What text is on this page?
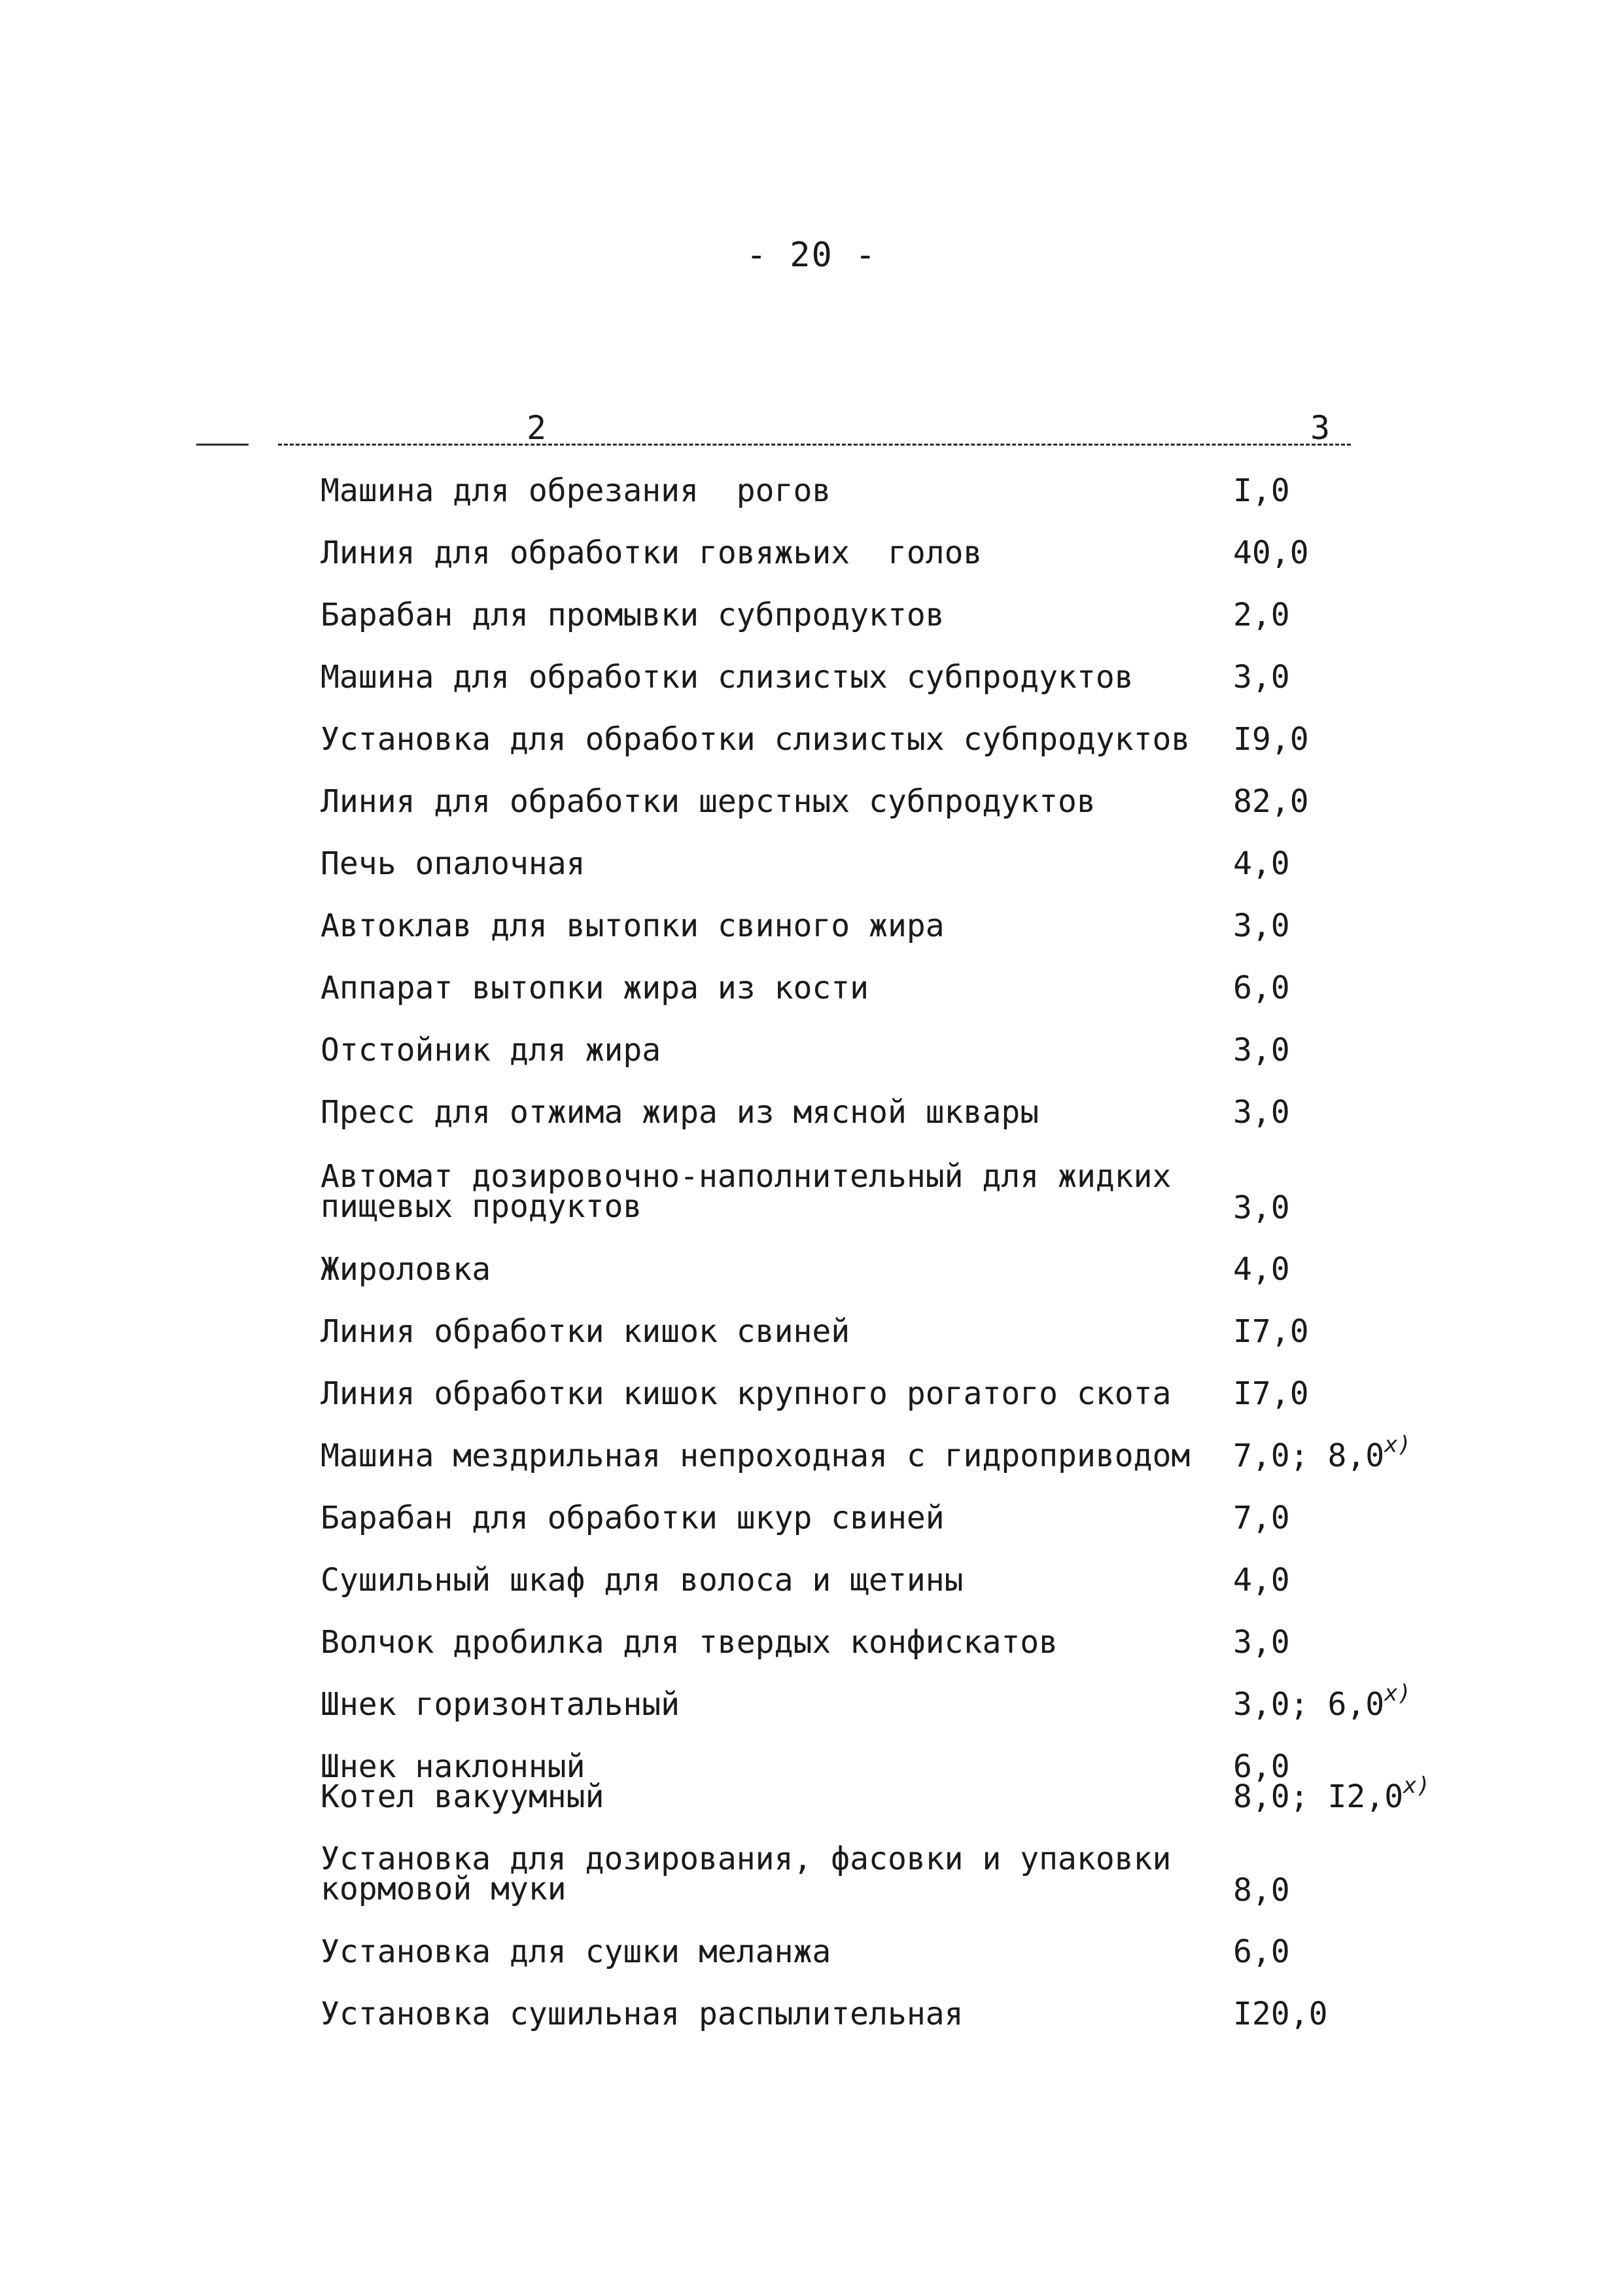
- 20 -
2	3
Машина для обрезания  рогов	I,0
Линия для обработки говяжьих  голов	40,0
Барабан для промывки субпродуктов	2,0
Машина для обработки слизистых субпродуктов	3,0
Установка для обработки слизистых субпродуктов	I9,0
Линия для обработки шерстных субпродуктов	82,0
Печь опалочная	4,0
Автоклав для вытопки свиного жира	3,0
Аппарат вытопки жира из кости	6,0
Отстойник для жира	3,0
Пресс для отжима жира из мясной шквары	3,0
Автомат дозировочно-наполнительный для жидких
пищевых продуктов	3,0
Жироловка	4,0
Линия обработки кишок свиней	I7,0
Линия обработки кишок крупного рогатого скота	I7,0
Машина мездрильная непроходная с гидроприводом	7,0; 8,0$^{x)}$
Барабан для обработки шкур свиней	7,0
Сушильный шкаф для волоса и щетины	4,0
Волчок дробилка для твердых конфискатов	3,0
Шнек горизонтальный	3,0; 6,0$^{x)}$
Шнек наклонный	6,0
Котел вакуумный	8,0; I2,0$^{x)}$
Установка для дозирования, фасовки и упаковки
кормовой муки	8,0
Установка для сушки меланжа	6,0
Установка сушильная распылительная	I20,0
